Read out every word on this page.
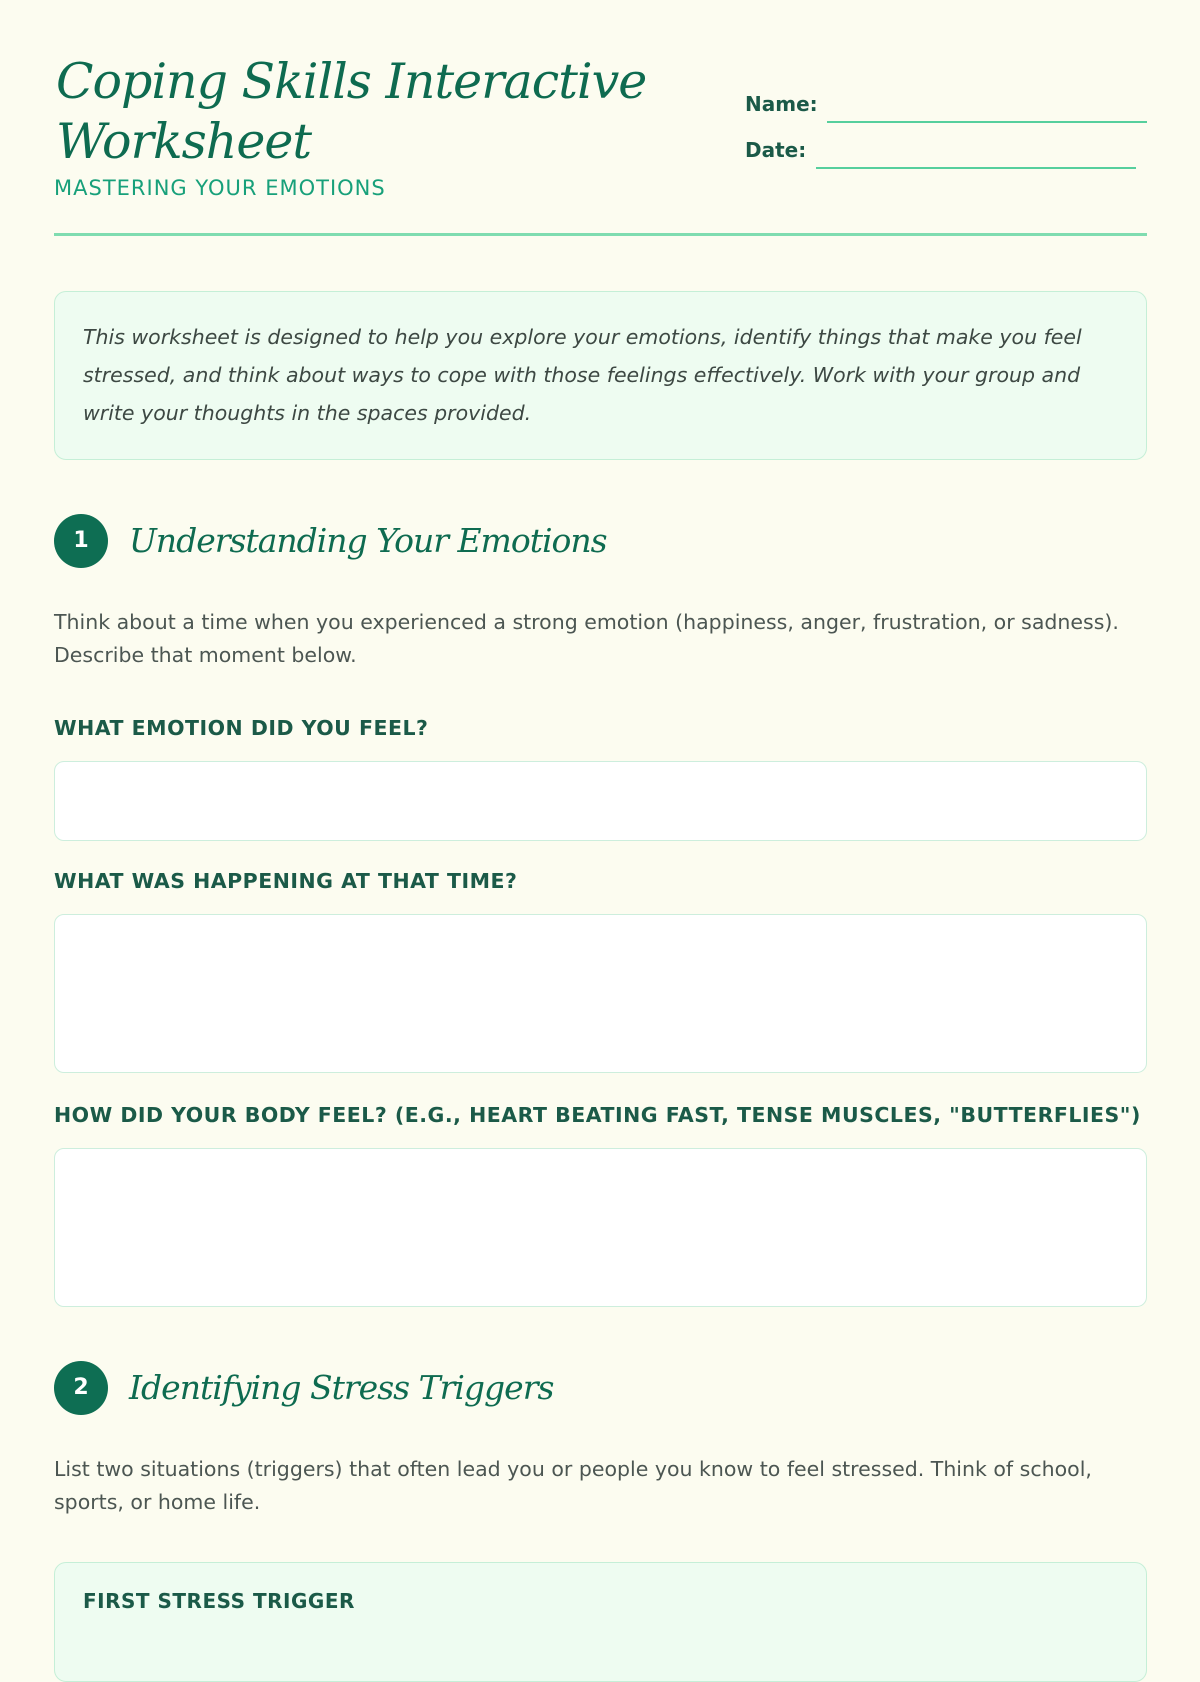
Coping Skills Interactive Worksheet
MASTERING YOUR EMOTIONS
Name:
Date:
This worksheet is designed to help you explore your emotions, identify things that make you feel stressed, and think about ways to cope with those feelings effectively. Work with your group and write your thoughts in the spaces provided.
1	Understanding Your Emotions

Think about a time when you experienced a strong emotion (happiness, anger, frustration, or sadness). Describe that moment below.

WHAT EMOTION DID YOU FEEL?

WHAT WAS HAPPENING AT THAT TIME?

HOW DID YOUR BODY FEEL? (E.G., HEART BEATING FAST, TENSE MUSCLES, "BUTTERFLIES")

2	Identifying Stress Triggers

List two situations (triggers) that often lead you or people you know to feel stressed. Think of school, sports, or home life.

FIRST STRESS TRIGGER
